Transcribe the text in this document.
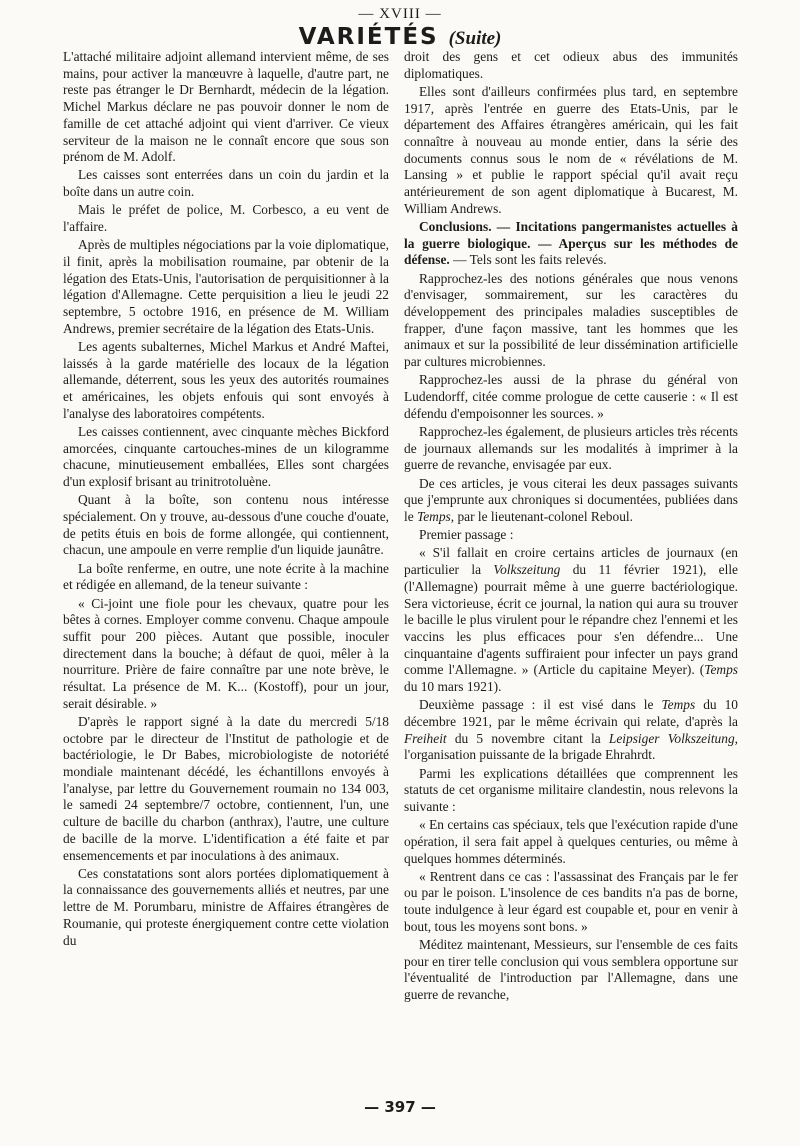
— XVIII —
VARIÉTÉS (Suite)

L'attaché militaire adjoint allemand intervient même, de ses mains, pour activer la manœuvre à laquelle, d'autre part, ne reste pas étranger le Dr Bernhardt, médecin de la légation. Michel Markus déclare ne pas pouvoir donner le nom de famille de cet attaché adjoint qui vient d'arriver. Ce vieux serviteur de la maison ne le connaît encore que sous son prénom de M. Adolf.

Les caisses sont enterrées dans un coin du jardin et la boîte dans un autre coin.

Mais le préfet de police, M. Corbesco, a eu vent de l'affaire.

Après de multiples négociations par la voie diplomatique, il finit, après la mobilisation roumaine, par obtenir de la légation des Etats-Unis, l'autorisation de perquisitionner à la légation d'Allemagne. Cette perquisition a lieu le jeudi 22 septembre, 5 octobre 1916, en présence de M. William Andrews, premier secrétaire de la légation des Etats-Unis.

Les agents subalternes, Michel Markus et André Maftei, laissés à la garde matérielle des locaux de la légation allemande, déterrent, sous les yeux des autorités roumaines et américaines, les objets enfouis qui sont envoyés à l'analyse des laboratoires compétents.

Les caisses contiennent, avec cinquante mèches Bickford amorcées, cinquante cartouches-mines de un kilogramme chacune, minutieusement emballées, Elles sont chargées d'un explosif brisant au trinitrotoluène.

Quant à la boîte, son contenu nous intéresse spécialement. On y trouve, au-dessous d'une couche d'ouate, de petits étuis en bois de forme allongée, qui contiennent, chacun, une ampoule en verre remplie d'un liquide jaunâtre.

La boîte renferme, en outre, une note écrite à la machine et rédigée en allemand, de la teneur suivante :

« Ci-joint une fiole pour les chevaux, quatre pour les bêtes à cornes. Employer comme convenu. Chaque ampoule suffit pour 200 pièces. Autant que possible, inoculer directement dans la bouche; à défaut de quoi, mêler à la nourriture. Prière de faire connaître par une note brève, le résultat. La présence de M. K... (Kostoff), pour un jour, serait désirable. »

D'après le rapport signé à la date du mercredi 5/18 octobre par le directeur de l'Institut de pathologie et de bactériologie, le Dr Babes, microbiologiste de notoriété mondiale maintenant décédé, les échantillons envoyés à l'analyse, par lettre du Gouvernement roumain no 134 003, le samedi 24 septembre/7 octobre, contiennent, l'un, une culture de bacille du charbon (anthrax), l'autre, une culture de bacille de la morve. L'identification a été faite et par ensemencements et par inoculations à des animaux.

Ces constatations sont alors portées diplomatiquement à la connaissance des gouvernements alliés et neutres, par une lettre de M. Porumbaru, ministre de Affaires étrangères de Roumanie, qui proteste énergiquement contre cette violation du

droit des gens et cet odieux abus des immunités diplomatiques.

Elles sont d'ailleurs confirmées plus tard, en septembre 1917, après l'entrée en guerre des Etats-Unis, par le département des Affaires étrangères américain, qui les fait connaître à nouveau au monde entier, dans la série des documents connus sous le nom de « révélations de M. Lansing » et publie le rapport spécial qu'il avait reçu antérieurement de son agent diplomatique à Bucarest, M. William Andrews.

Conclusions. — Incitations pangermanistes actuelles à la guerre biologique. — Aperçus sur les méthodes de défense. — Tels sont les faits relevés.

Rapprochez-les des notions générales que nous venons d'envisager, sommairement, sur les caractères du développement des principales maladies susceptibles de frapper, d'une façon massive, tant les hommes que les animaux et sur la possibilité de leur dissémination artificielle par cultures microbiennes.

Rapprochez-les aussi de la phrase du général von Ludendorff, citée comme prologue de cette causerie : « Il est défendu d'empoisonner les sources. »

Rapprochez-les également, de plusieurs articles très récents de journaux allemands sur les modalités à imprimer à la guerre de revanche, envisagée par eux.

De ces articles, je vous citerai les deux passages suivants que j'emprunte aux chroniques si documentées, publiées dans le Temps, par le lieutenant-colonel Reboul.

Premier passage :

« S'il fallait en croire certains articles de journaux (en particulier la Volkszeitung du 11 février 1921), elle (l'Allemagne) pourrait même à une guerre bactériologique. Sera victorieuse, écrit ce journal, la nation qui aura su trouver le bacille le plus virulent pour le répandre chez l'ennemi et les vaccins les plus efficaces pour s'en défendre... Une cinquantaine d'agents suffiraient pour infecter un pays grand comme l'Allemagne. » (Article du capitaine Meyer). (Temps du 10 mars 1921).

Deuxième passage : il est visé dans le Temps du 10 décembre 1921, par le même écrivain qui relate, d'après la Freiheit du 5 novembre citant la Leipsiger Volkszeitung, l'organisation puissante de la brigade Ehrahrdt.

Parmi les explications détaillées que comprennent les statuts de cet organisme militaire clandestin, nous relevons la suivante :

« En certains cas spéciaux, tels que l'exécution rapide d'une opération, il sera fait appel à quelques centuries, ou même à quelques hommes déterminés.

« Rentrent dans ce cas : l'assassinat des Français par le fer ou par le poison. L'insolence de ces bandits n'a pas de borne, toute indulgence à leur égard est coupable et, pour en venir à bout, tous les moyens sont bons. »

Méditez maintenant, Messieurs, sur l'ensemble de ces faits pour en tirer telle conclusion qui vous semblera opportune sur l'éventualité de l'introduction par l'Allemagne, dans une guerre de revanche,

— 397 —
